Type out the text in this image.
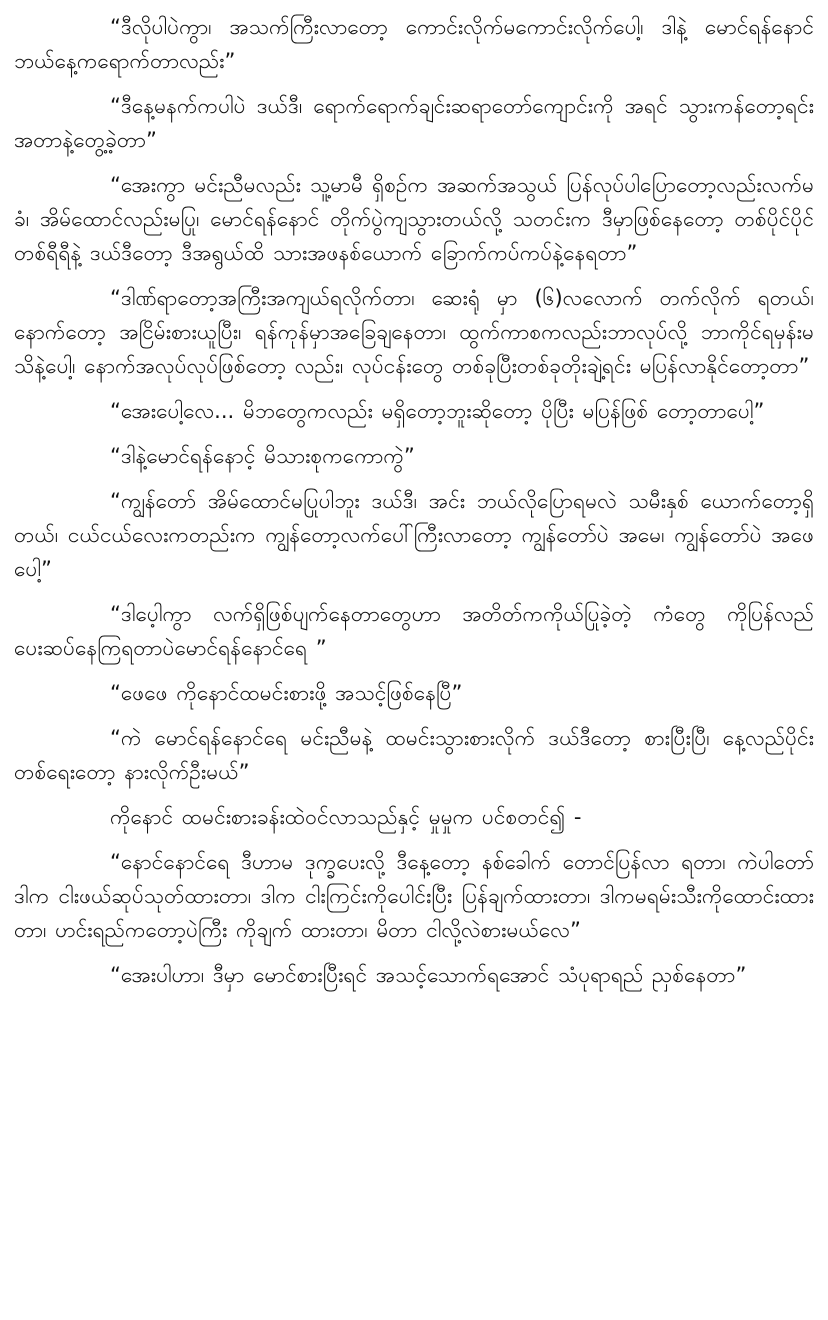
“ဒီလိုပါပဲကွာ၊ အသက်ကြီးလာတော့ ကောင်းလိုက်မကောင်းလိုက်ပေါ့၊ ဒါနဲ့ မောင်ရန်နောင် ဘယ်နေ့ကရောက်တာလည်း”

“ဒီနေ့မနက်ကပါပဲ ဒယ်ဒီ၊ ရောက်ရောက်ချင်းဆရာတော်ကျောင်းကို အရင် သွားကန်တော့ရင်း အတာနဲ့တွေ့ခဲ့တာ”

“အေးကွာ မင်းညီမလည်း သူ့မာမီ ရှိစဥ်က အဆက်အသွယ် ပြန်လုပ်ပါပြောတော့လည်းလက်မခံ၊ အိမ်ထောင်လည်းမပြု၊ မောင်ရန်နောင် တိုက်ပွဲကျသွားတယ်လို့ သတင်းက ဒီမှာဖြစ်နေတော့ တစ်ပိုင်ပိုင်တစ်ရီရီနဲ့ ဒယ်ဒီတော့ ဒီအရွယ်ထိ သားအဖနစ်ယောက် ခြောက်ကပ်ကပ်နဲ့နေရတာ”

“ဒါဏ်ရာတော့အကြီးအကျယ်ရလိုက်တာ၊ ဆေးရုံ မှာ (၆)လလောက် တက်လိုက် ရတယ်၊ နောက်တော့ အငြိမ်းစားယူပြီး၊ ရန်ကုန်မှာအခြေချနေတာ၊ ထွက်ကာစကလည်းဘာလုပ်လို့ ဘာကိုင်ရမှန်းမသိနဲ့ပေါ့၊ နောက်အလုပ်လုပ်ဖြစ်တော့ လည်း၊ လုပ်ငန်းတွေ တစ်ခုပြီးတစ်ခုတိုးချဲ့ရင်း မပြန်လာနိုင်တော့တာ”

“အေးပေါ့လေ... မိဘတွေကလည်း မရှိတော့ဘူးဆိုတော့ ပိုပြီး မပြန်ဖြစ် တော့တာပေါ့”

“ဒါနဲ့မောင်ရန်နောင့် မိသားစုကကောကွဲ”

“ကျွန်တော် အိမ်ထောင်မပြုပါဘူး ဒယ်ဒီ၊ အင်း ဘယ်လိုပြောရမလဲ သမီးနှစ် ယောက်တော့ရှိတယ်၊ ငယ်ငယ်လေးကတည်းက ကျွန်တော့လက်ပေါ်ကြီးလာတော့ ကျွန်တော်ပဲ အမေ၊ ကျွန်တော်ပဲ အဖေပေါ့”

“ဒါပေ့ါကွာ လက်ရှိဖြစ်ပျက်နေတာတွေဟာ အတိတ်ကကိုယ်ပြုခဲ့တဲ့ ကံတွေ ကိုပြန်လည်ပေးဆပ်နေကြရတာပဲမောင်ရန်နောင်ရေ ”

“ဖေဖေ ကိုနောင်ထမင်းစားဖို့ အသင့်ဖြစ်နေပြီ”

“ကဲ မောင်ရန်နောင်ရေ မင်းညီမနဲ့ ထမင်းသွားစားလိုက် ဒယ်ဒီတော့ စားပြီးပြီ၊ နေ့လည်ပိုင်း တစ်ရေးတော့ နားလိုက်ဦးမယ်”

ကိုနောင် ထမင်းစားခန်းထဲဝင်လာသည်နှင့် မှုမှုက ပင်စတင်၍ -

“နောင်နောင်ရေ ဒီဟာမ ဒုက္ခပေးလို့ ဒီနေ့တော့ နစ်ခေါက် တောင်ပြန်လာ ရတာ၊ ကဲပါတော် ဒါက ငါးဖယ်ဆုပ်သုတ်ထားတာ၊ ဒါက ငါးကြင်းကိုပေါင်းပြီး ပြန်ချက်ထားတာ၊ ဒါကမရမ်းသီးကိုထောင်းထားတာ၊ ဟင်းရည်ကတော့ပဲကြီး ကိုချက် ထားတာ၊ မိတာ ငါလို့လဲစားမယ်လေ”

“အေးပါဟာ၊ ဒီမှာ မောင်စားပြီးရင် အသင့်သောက်ရအောင် သံပုရာရည် ညှစ်နေတာ”
